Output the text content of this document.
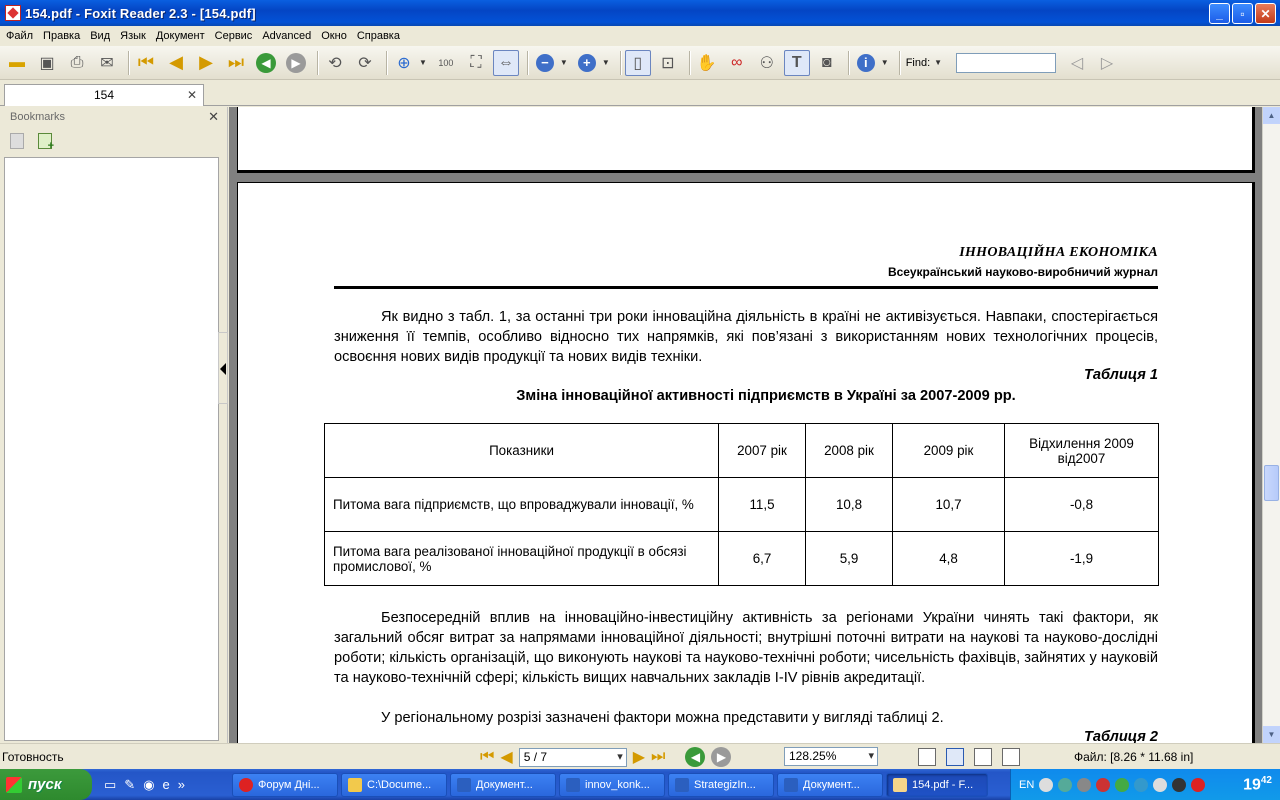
154.pdf - Foxit Reader 2.3 - [154.pdf]	_	▫	✕
Файл Правка Вид Язык Документ Сервис Advanced Окно Справка
▬ ▣	⎙	✉	⏮ ◀ ▶ ⏭	◀	▶	⟲	⟳	⊕	▼	100	⛶	⇔	−	▼	+	▼	▯	⊡	✋ ∞	⚇	T	◙	i	▼ Find: ▼	◁	▷
154	✕
Bookmarks	✕
+
ІННОВАЦІЙНА ЕКОНОМІКА
Всеукраїнський науково-виробничий журнал
Як видно з табл. 1, за останні три роки інноваційна діяльність в країні не активізується. Навпаки, спостерігається зниження її темпів, особливо відносно тих напрямків, які пов’язані з використанням нових технологічних процесів, освоєння нових видів продукції та нових видів техніки.
Таблиця 1
Зміна інноваційної активності підприємств в Україні за 2007-2009 рр.
Показники	2007 рік	2008 рік	2009 рік	Відхилення 2009 від2007
Питома вага підприємств, що впроваджували інновації, %	11,5	10,8	10,7	-0,8
Питома вага реалізованої інноваційної продукції в обсязі промислової, %	6,7	5,9	4,8	-1,9
Безпосередній вплив на інноваційно-інвестиційну активність за регіонами України чинять такі фактори, як загальний обсяг витрат за напрямами інноваційної діяльності; внутрішні поточні витрати на наукові та науково-дослідні роботи; кількість організацій, що виконують наукові та науково-технічні роботи; чисельність фахівців, зайнятих у науковій та науково-технічній сфері; кількість вищих навчальних закладів І-IV рівнів акредитації.
У регіональному розрізі зазначені фактори можна представити у вигляді таблиці 2.
Таблиця 2
▲
▼
Готовность	⏮ ◀ 5 / 7 ▾	▶ ⏭	◀	▶	128.25% ▾	Файл: [8.26 * 11.68 in]
пуск	▭ ✎ ◉ e »	Форум Дні...	C:\Docume...	Документ...	innov_konk...	StrategizIn...	Документ...	154.pdf - F...	EN	$19^{42}$
